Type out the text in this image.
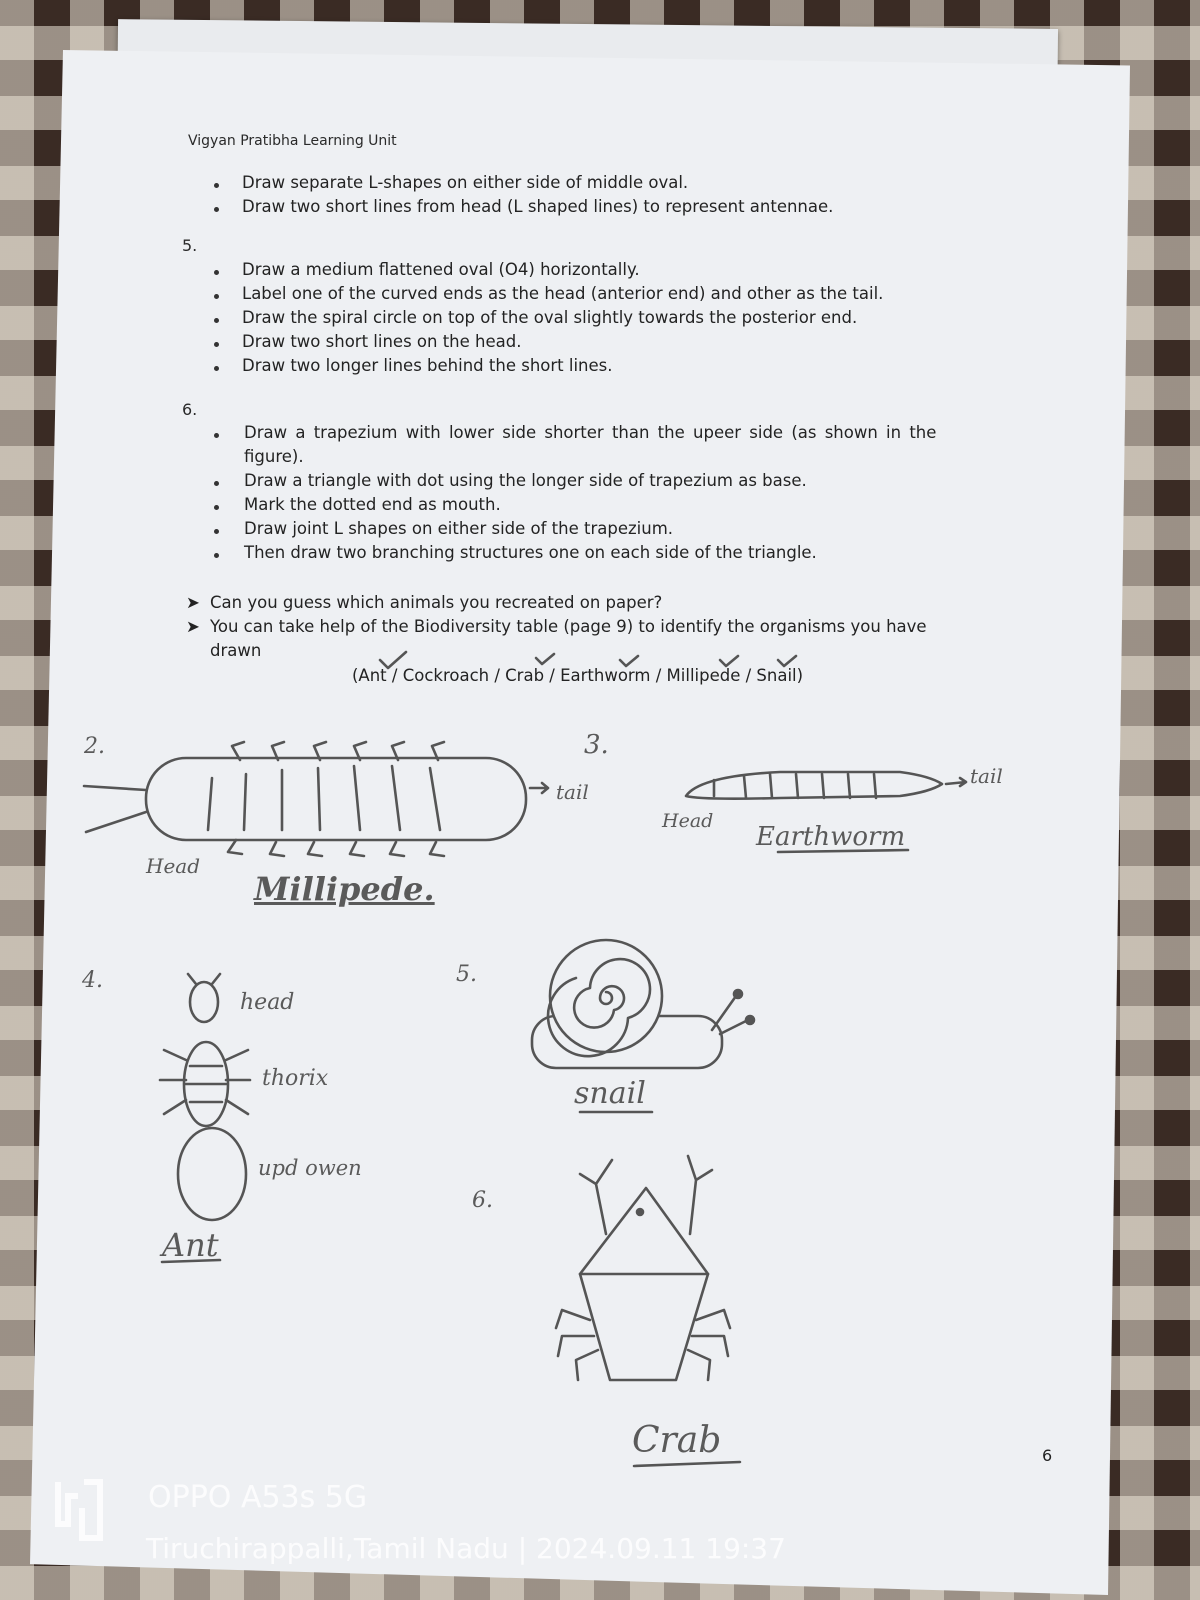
Vigyan Pratibha Learning Unit
Draw separate L-shapes on either side of middle oval.
Draw two short lines from head (L shaped lines) to represent antennae.
5.
Draw a medium flattened oval (O4) horizontally.
Label one of the curved ends as the head (anterior end) and other as the tail.
Draw the spiral circle on top of the oval slightly towards the posterior end.
Draw two short lines on the head.
Draw two longer lines behind the short lines.
6.
Draw a trapezium with lower side shorter than the upeer side (as shown in the
figure).
Draw a triangle with dot using the longer side of trapezium as base.
Mark the dotted end as mouth.
Draw joint L shapes on either side of the trapezium.
Then draw two branching structures one on each side of the triangle.
➤ Can you guess which animals you recreated on paper?
➤ You can take help of the Biodiversity table (page 9) to identify the organisms you have
drawn
(Ant / Cockroach / Crab / Earthworm / Millipede / Snail)
2.	3.
4.	5.
6.
tail
Head
Millipede.
Head
tail
Earthworm
head
thorix
upd owen
Ant
snail
Crab	6
OPPO A53s 5G
Tiruchirappalli,Tamil Nadu | 2024.09.11 19:37
